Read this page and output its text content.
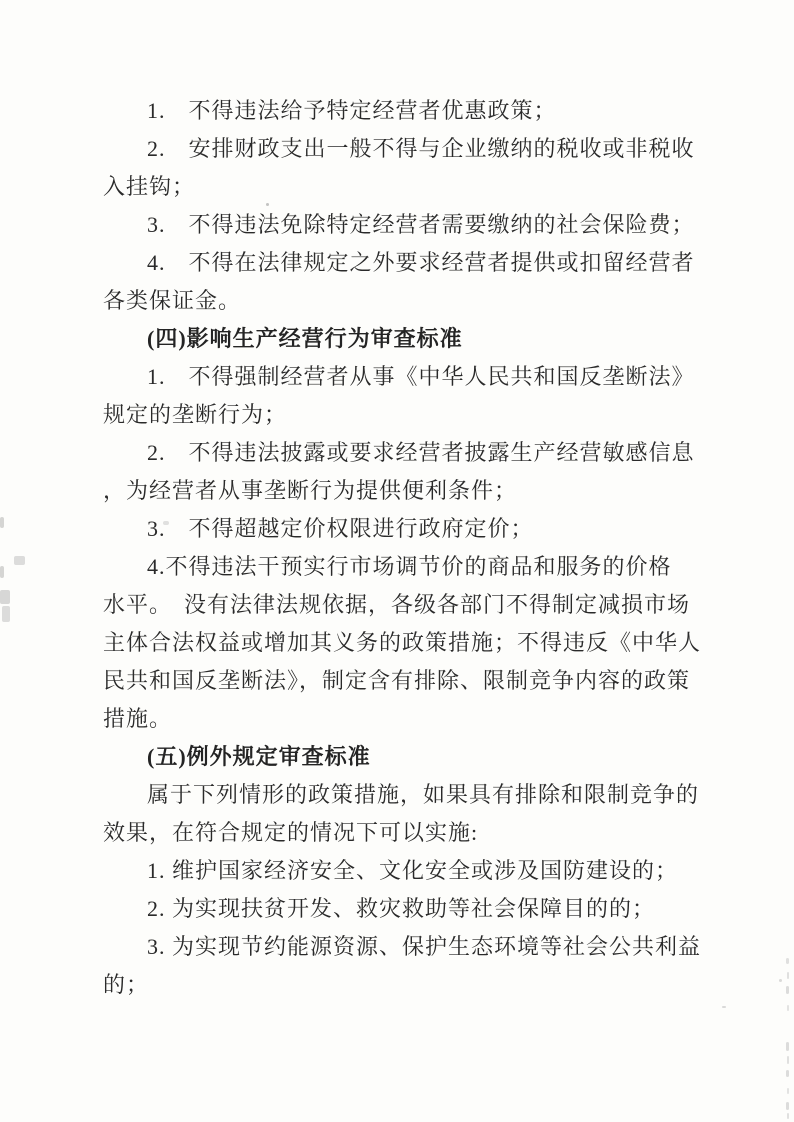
1.　不得违法给予特定经营者优惠政策；
2.　安排财政支出一般不得与企业缴纳的税收或非税收
入挂钩；
3.　不得违法免除特定经营者需要缴纳的社会保险费；
4.　不得在法律规定之外要求经营者提供或扣留经营者
各类保证金。
(四)影响生产经营行为审查标准
1.　不得强制经营者从事《中华人民共和国反垄断法》
规定的垄断行为；
2.　不得违法披露或要求经营者披露生产经营敏感信息
，为经营者从事垄断行为提供便利条件；
3.　不得超越定价权限进行政府定价；
4.不得违法干预实行市场调节价的商品和服务的价格
水平。　没有法律法规依据，各级各部门不得制定减损市场
主体合法权益或增加其义务的政策措施；不得违反《中华人
民共和国反垄断法》，制定含有排除、限制竞争内容的政策
措施。
(五)例外规定审查标准
属于下列情形的政策措施，如果具有排除和限制竞争的
效果，在符合规定的情况下可以实施:
1. 维护国家经济安全、文化安全或涉及国防建设的；
2. 为实现扶贫开发、救灾救助等社会保障目的的；
3. 为实现节约能源资源、保护生态环境等社会公共利益
的；
